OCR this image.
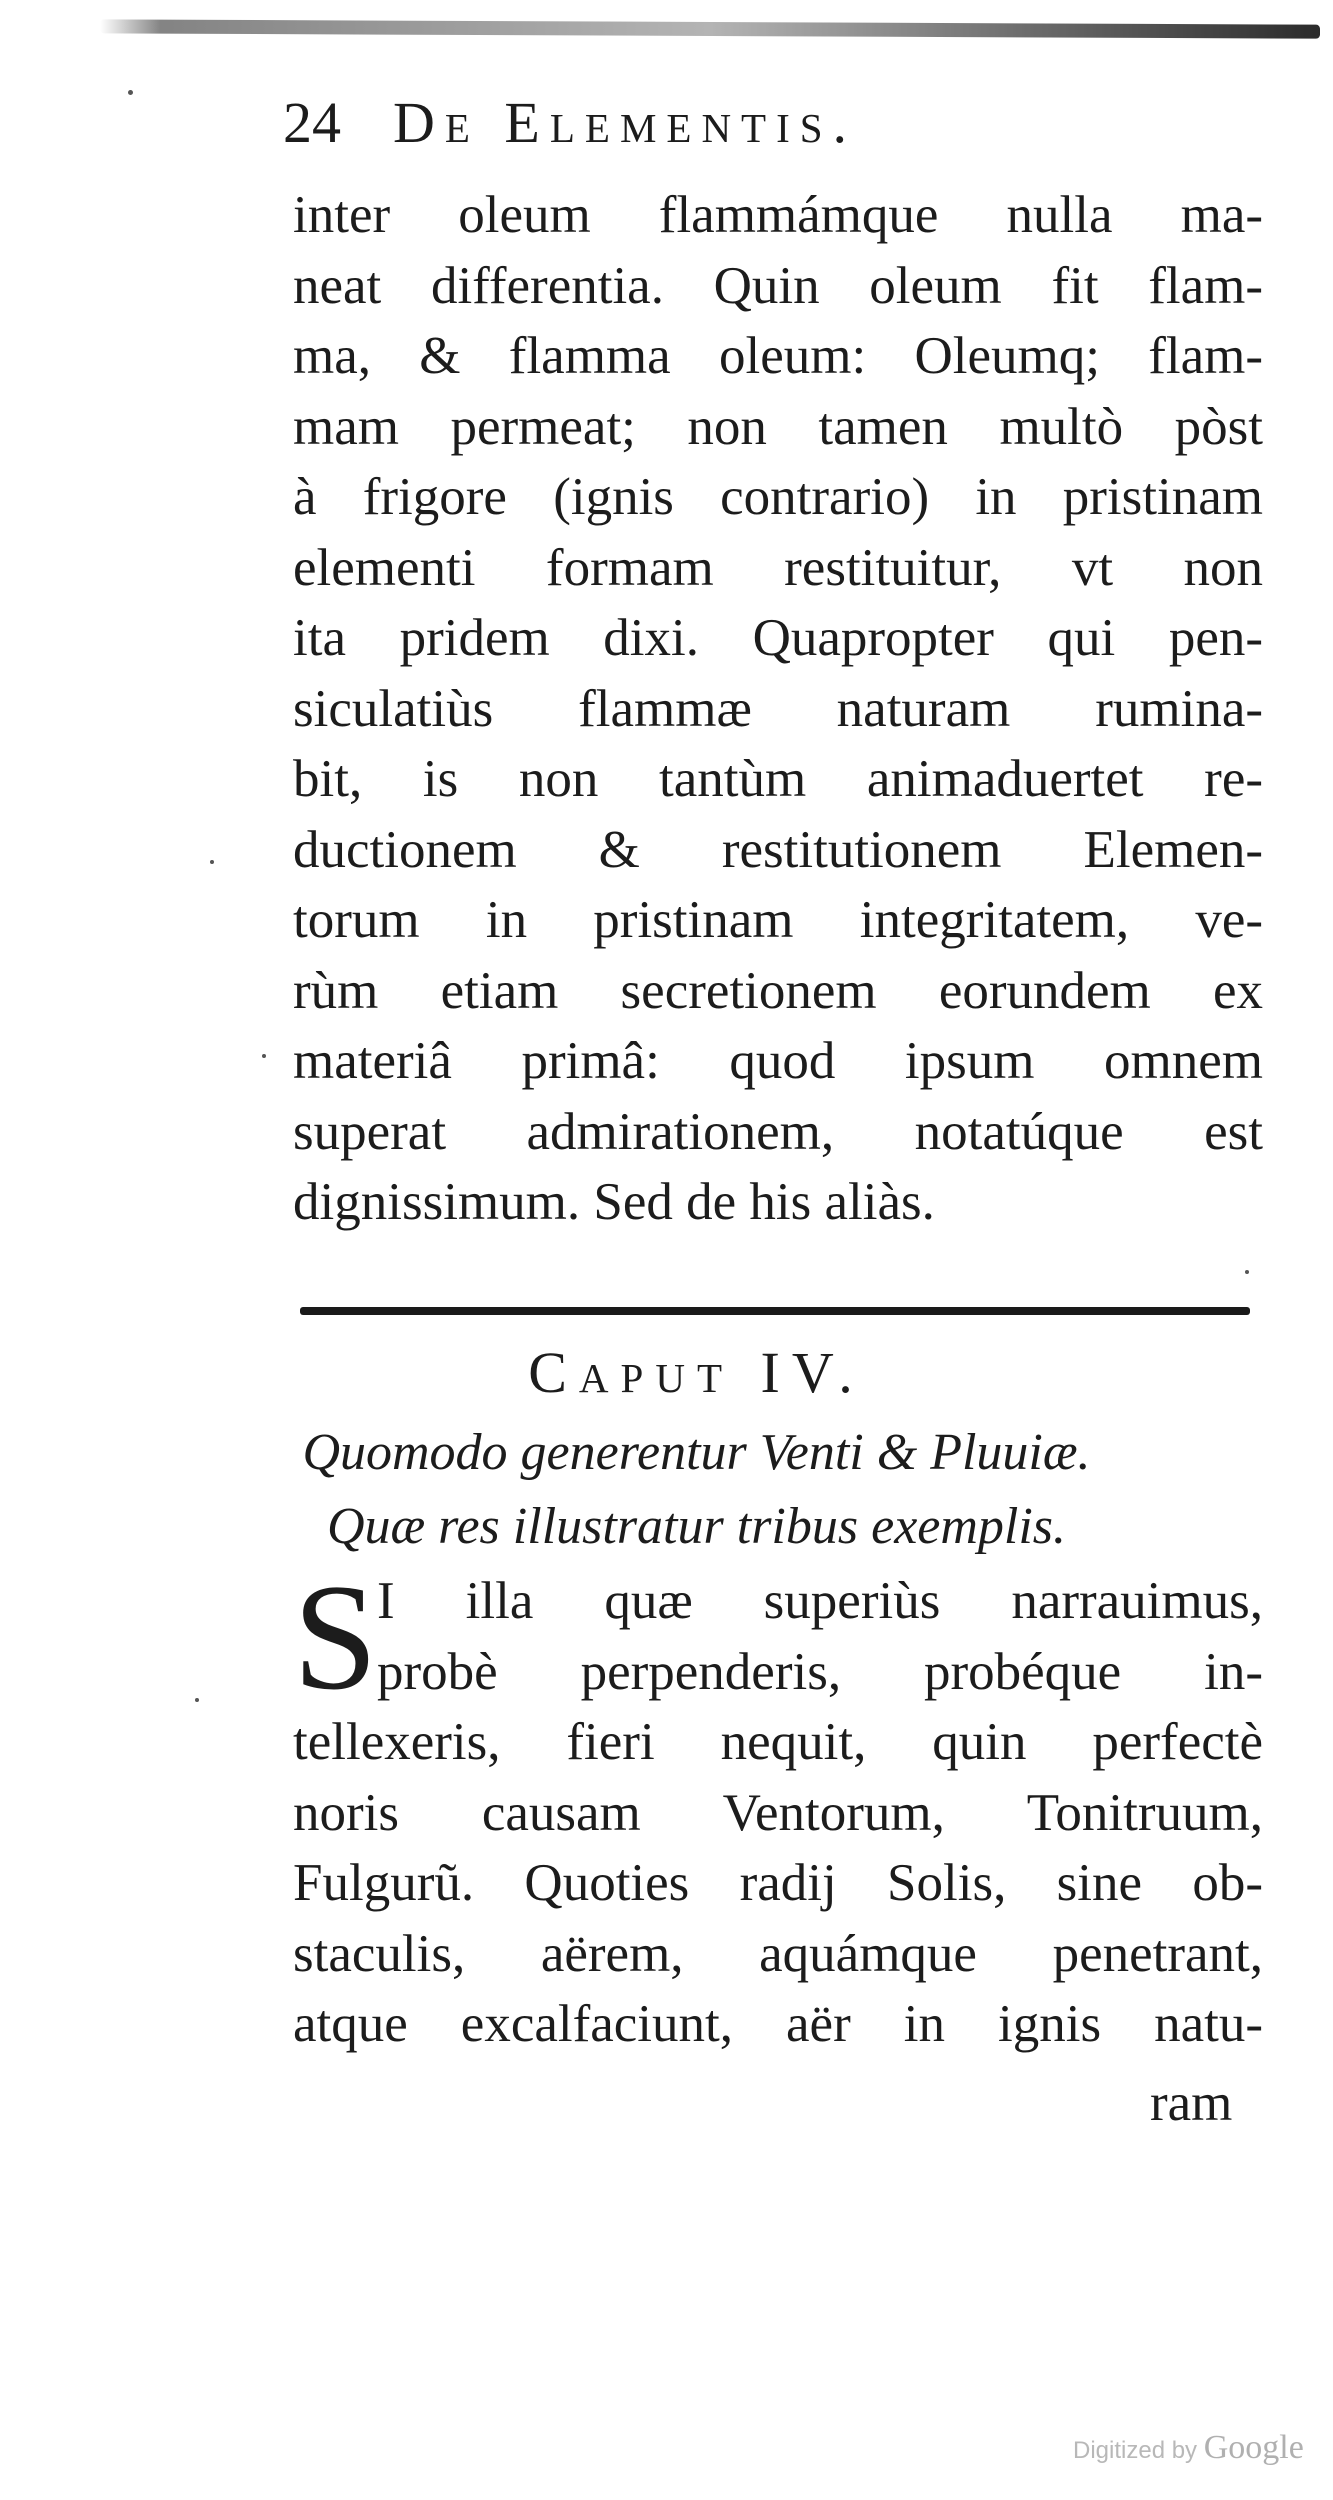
24 De Elementis.
inter oleum flammámque nulla ma-
neat differentia. Quin oleum fit flam-
ma, & flamma oleum: Oleumq; flam-
mam permeat; non tamen multò pòst
à frigore (ignis contrario) in pristinam
elementi formam restituitur, vt non
ita pridem dixi. Quapropter qui pen-
siculatiùs flammæ naturam rumina-
bit, is non tantùm animaduertet re-
ductionem & restitutionem Elemen-
torum in pristinam integritatem, ve-
rùm etiam secretionem eorundem ex
materiâ primâ: quod ipsum omnem
superat admirationem, notatúque est
dignissimum. Sed de his aliàs.
Caput IV.
Quomodo generentur Venti & Pluuiæ.
Quæ res illustratur tribus exemplis.
S I illa quæ superiùs narrauimus,
probè perpenderis, probéque in-
tellexeris, fieri nequit, quin perfectè
noris causam Ventorum, Tonitruum,
Fulgurũ. Quoties radij Solis, sine ob-
staculis, aërem, aquámque penetrant,
atque excalfaciunt, aër in ignis natu-
ram
Digitized by Google
